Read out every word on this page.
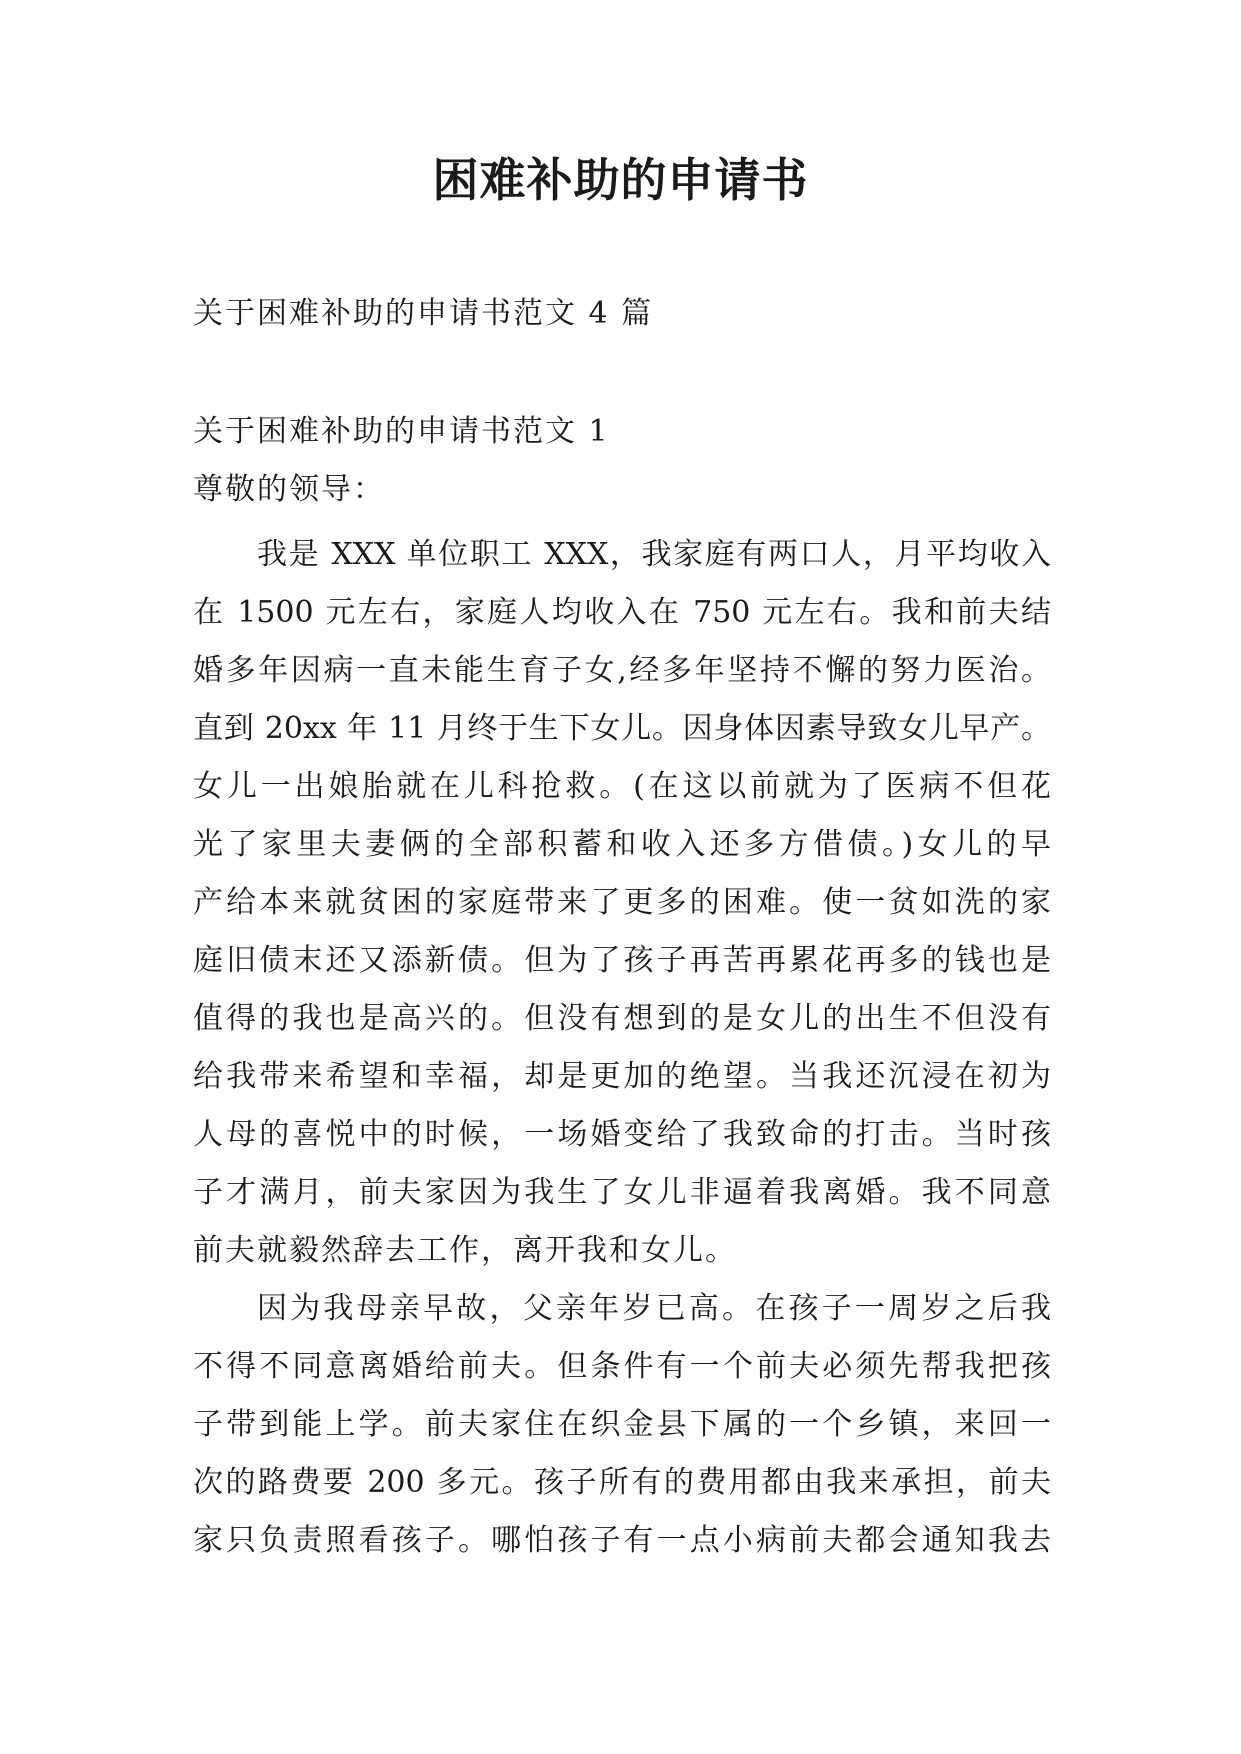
困难补助的申请书

关于困难补助的申请书范文 4 篇

关于困难补助的申请书范文 1

尊敬的领导：

我是 XXX 单位职工 XXX，我家庭有两口人，月平均收入
在 1500 元左右，家庭人均收入在 750 元左右。我和前夫结
婚多年因病一直未能生育子女,经多年坚持不懈的努力医治。
直到 20xx 年 11 月终于生下女儿。因身体因素导致女儿早产。
女儿一出娘胎就在儿科抢救。(在这以前就为了医病不但花
光了家里夫妻俩的全部积蓄和收入还多方借债。)女儿的早
产给本来就贫困的家庭带来了更多的困难。使一贫如洗的家
庭旧债末还又添新债。但为了孩子再苦再累花再多的钱也是
值得的我也是高兴的。但没有想到的是女儿的出生不但没有
给我带来希望和幸福，却是更加的绝望。当我还沉浸在初为
人母的喜悦中的时候，一场婚变给了我致命的打击。当时孩
子才满月，前夫家因为我生了女儿非逼着我离婚。我不同意
前夫就毅然辞去工作，离开我和女儿。
因为我母亲早故，父亲年岁已高。在孩子一周岁之后我
不得不同意离婚给前夫。但条件有一个前夫必须先帮我把孩
子带到能上学。前夫家住在织金县下属的一个乡镇，来回一
次的路费要 200 多元。孩子所有的费用都由我来承担，前夫
家只负责照看孩子。哪怕孩子有一点小病前夫都会通知我去
